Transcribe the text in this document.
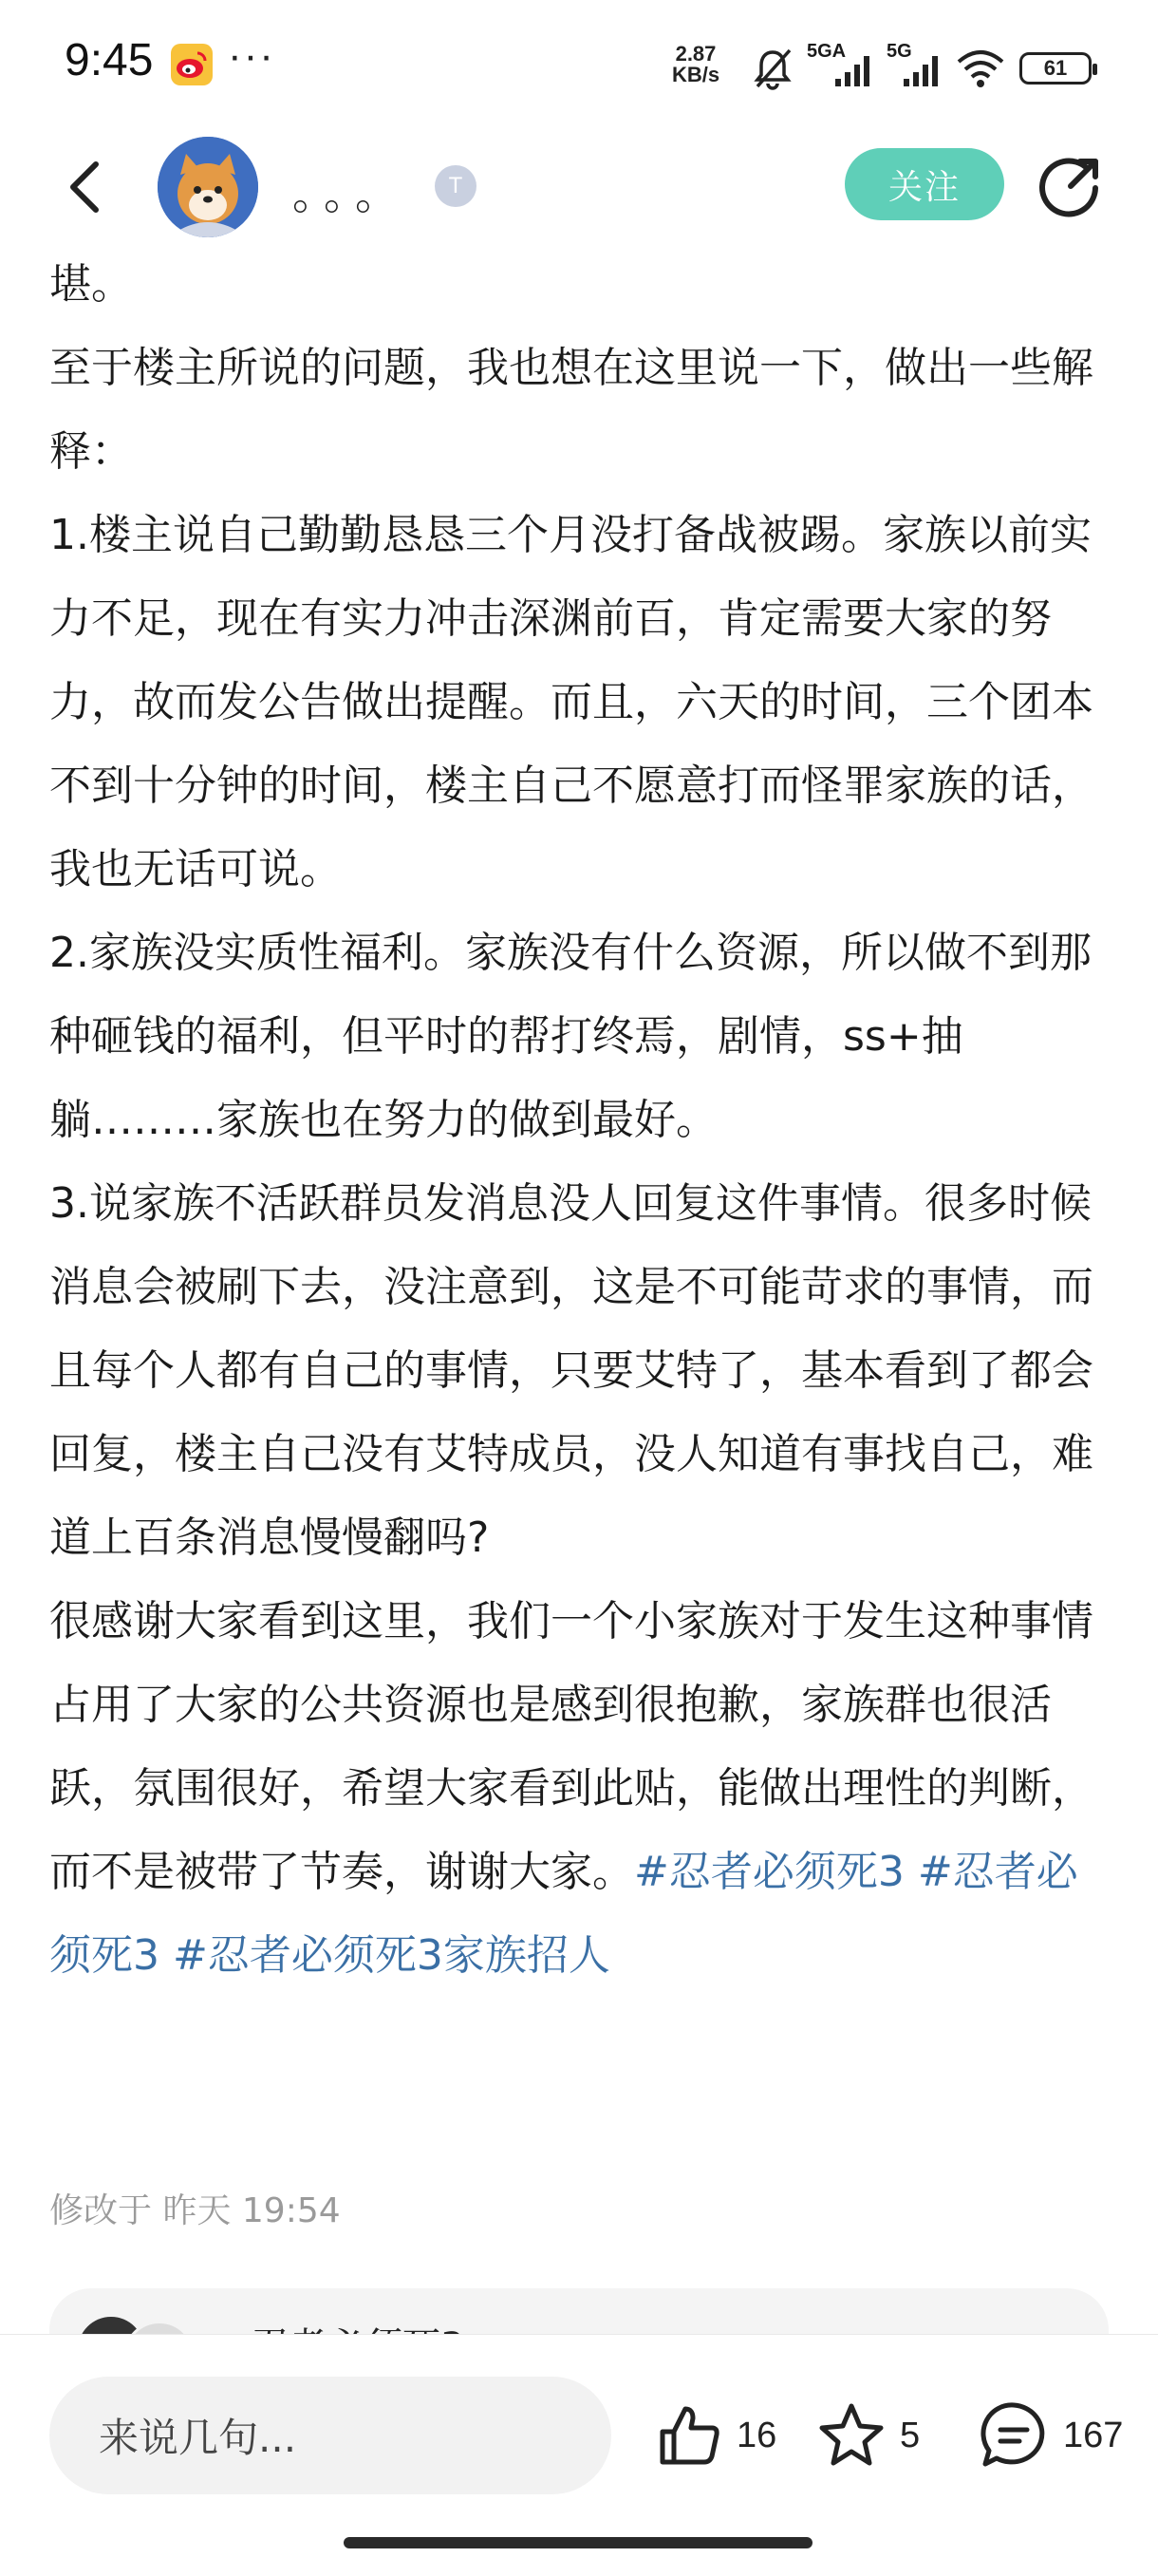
9:45 ···	2.87
KB/s
5GA 5G
61
。。。	T	关注

堪。

至于楼主所说的问题，我也想在这里说一下，做出一些解释：

1.楼主说自己勤勤恳恳三个月没打备战被踢。家族以前实力不足，现在有实力冲击深渊前百，肯定需要大家的努力，故而发公告做出提醒。而且，六天的时间，三个团本不到十分钟的时间，楼主自己不愿意打而怪罪家族的话，我也无话可说。

2.家族没实质性福利。家族没有什么资源，所以做不到那种砸钱的福利，但平时的帮打终焉，剧情，ss+抽躺………家族也在努力的做到最好。

3.说家族不活跃群员发消息没人回复这件事情。很多时候消息会被刷下去，没注意到，这是不可能苛求的事情，而且每个人都有自己的事情，只要艾特了，基本看到了都会回复，楼主自己没有艾特成员，没人知道有事找自己，难道上百条消息慢慢翻吗?

很感谢大家看到这里，我们一个小家族对于发生这种事情占用了大家的公共资源也是感到很抱歉，家族群也很活跃，氛围很好，希望大家看到此贴，能做出理性的判断，而不是被带了节奏，谢谢大家。#忍者必须死3 #忍者必须死3 #忍者必须死3家族招人

修改于 昨天 19:54
来说几句...	16	5	167
